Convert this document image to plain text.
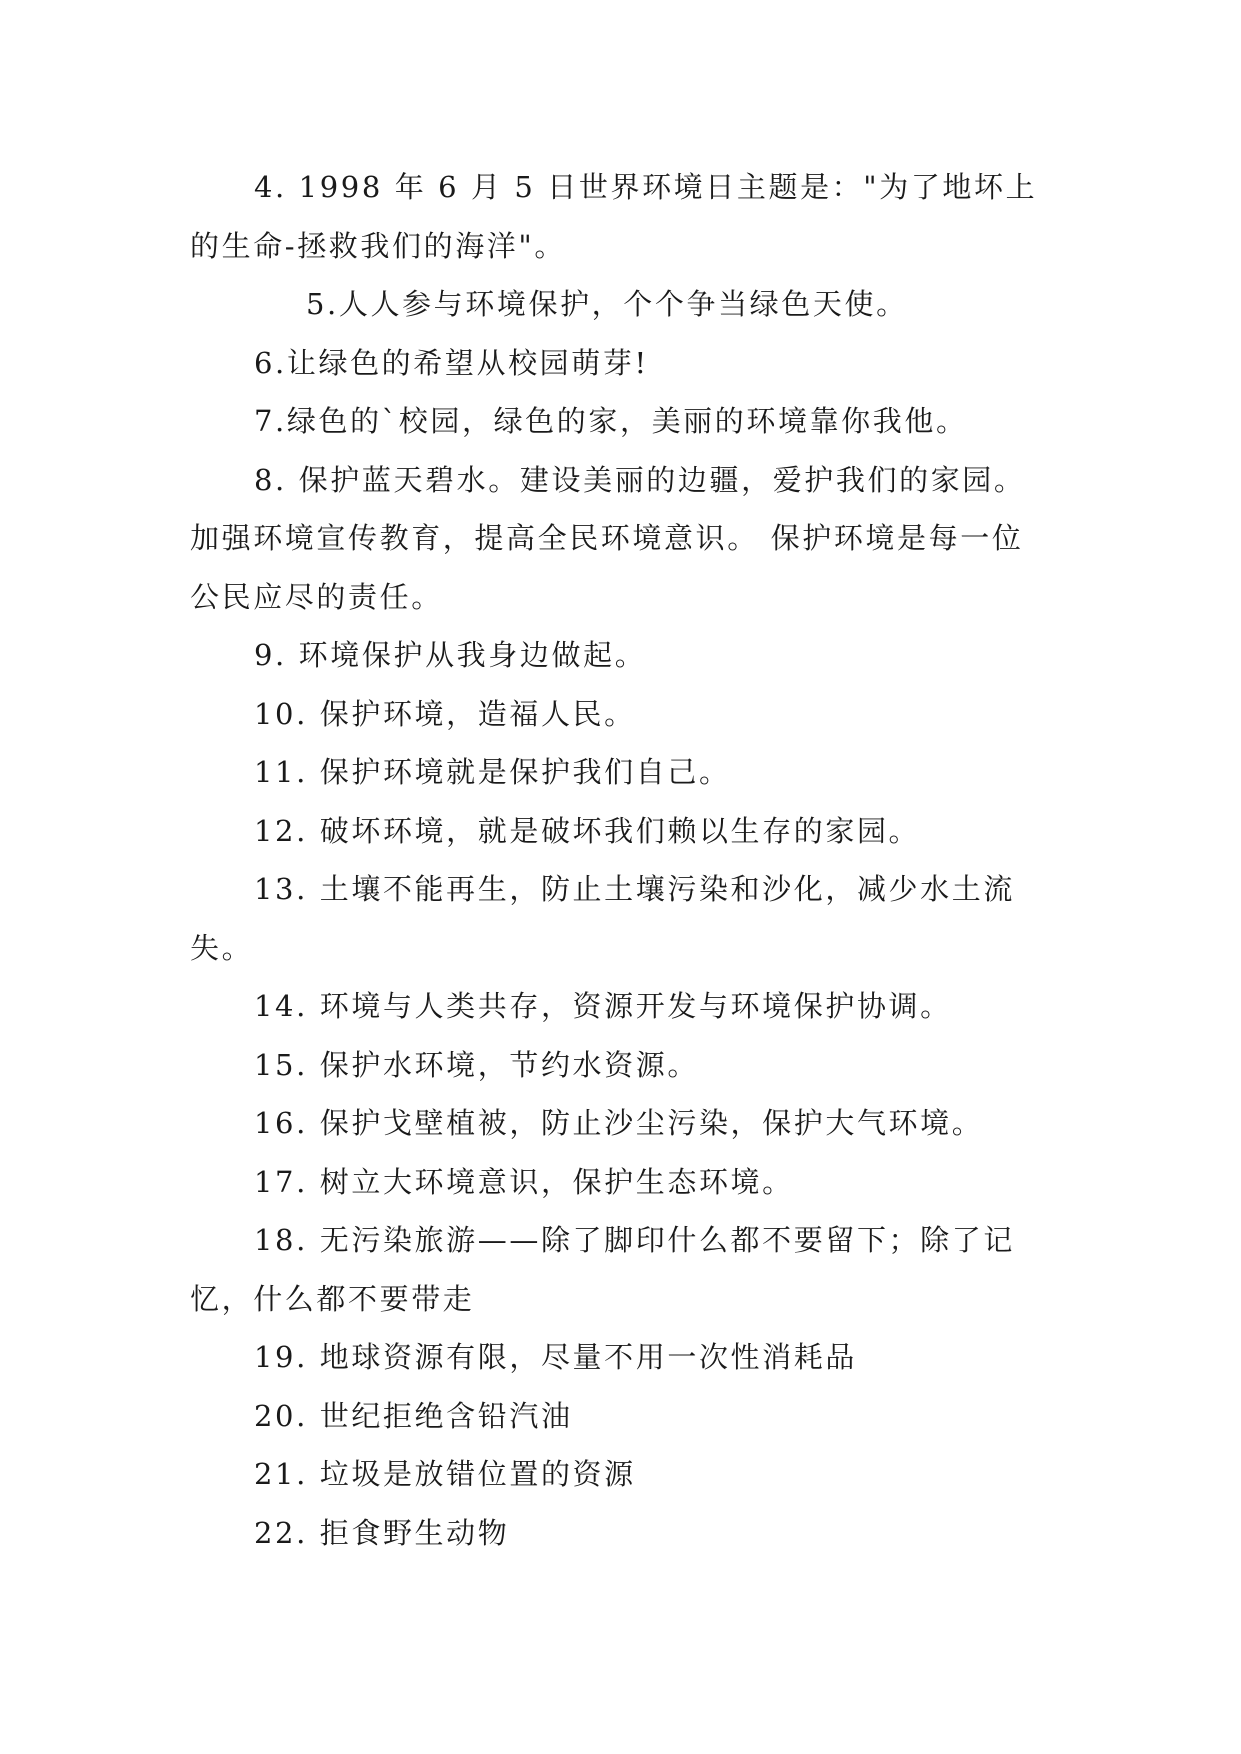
4. 1998 年 6 月 5 日世界环境日主题是："为了地坏上的生命-拯救我们的海洋"。

5.人人参与环境保护，个个争当绿色天使。

6.让绿色的希望从校园萌芽!

7.绿色的`校园，绿色的家，美丽的环境靠你我他。

8. 保护蓝天碧水。建设美丽的边疆，爱护我们的家园。加强环境宣传教育，提高全民环境意识。 保护环境是每一位公民应尽的责任。

9. 环境保护从我身边做起。

10. 保护环境，造福人民。

11. 保护环境就是保护我们自己。

12. 破坏环境，就是破坏我们赖以生存的家园。

13. 土壤不能再生，防止土壤污染和沙化，减少水土流失。

14. 环境与人类共存，资源开发与环境保护协调。

15. 保护水环境，节约水资源。

16. 保护戈壁植被，防止沙尘污染，保护大气环境。

17. 树立大环境意识，保护生态环境。

18. 无污染旅游——除了脚印什么都不要留下；除了记忆，什么都不要带走

19. 地球资源有限，尽量不用一次性消耗品

20. 世纪拒绝含铅汽油

21. 垃圾是放错位置的资源

22. 拒食野生动物
